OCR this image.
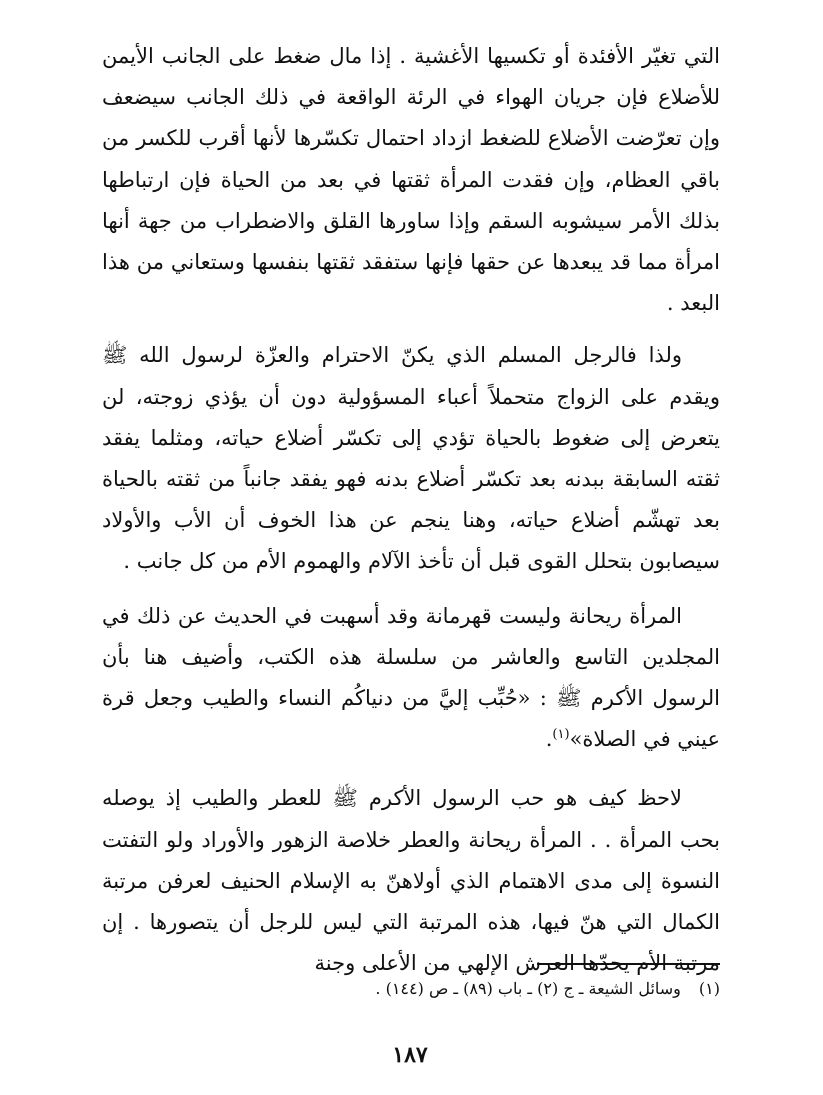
التي تغيّر الأفئدة أو تكسيها الأغشية . إذا مال ضغط على الجانب الأيمن للأضلاع فإن جريان الهواء في الرئة الواقعة في ذلك الجانب سيضعف وإن تعرّضت الأضلاع للضغط ازداد احتمال تكسّرها لأنها أقرب للكسر من باقي العظام، وإن فقدت المرأة ثقتها في بعد من الحياة فإن ارتباطها بذلك الأمر سيشوبه السقم وإذا ساورها القلق والاضطراب من جهة أنها امرأة مما قد يبعدها عن حقها فإنها ستفقد ثقتها بنفسها وستعاني من هذا البعد .

ولذا فالرجل المسلم الذي يكنّ الاحترام والعزّة لرسول الله ﷺ ويقدم على الزواج متحملاً أعباء المسؤولية دون أن يؤذي زوجته، لن يتعرض إلى ضغوط بالحياة تؤدي إلى تكسّر أضلاع حياته، ومثلما يفقد ثقته السابقة ببدنه بعد تكسّر أضلاع بدنه فهو يفقد جانباً من ثقته بالحياة بعد تهشّم أضلاع حياته، وهنا ينجم عن هذا الخوف أن الأب والأولاد سيصابون بتحلل القوى قبل أن تأخذ الآلام والهموم الأم من كل جانب .

المرأة ريحانة وليست قهرمانة وقد أسهبت في الحديث عن ذلك في المجلدين التاسع والعاشر من سلسلة هذه الكتب، وأضيف هنا بأن الرسول الأكرم ﷺ : «حُبِّب إليَّ من دنياكُم النساء والطيب وجعل قرة عيني في الصلاة»$^{(١)}$.

لاحظ كيف هو حب الرسول الأكرم ﷺ للعطر والطيب إذ يوصله بحب المرأة . . المرأة ريحانة والعطر خلاصة الزهور والأوراد ولو التفتت النسوة إلى مدى الاهتمام الذي أولاهنّ به الإسلام الحنيف لعرفن مرتبة الكمال التي هنّ فيها، هذه المرتبة التي ليس للرجل أن يتصورها . إن مرتبة الأم يحدّها العرش الإلهي من الأعلى وجنة

(١)وسائل الشيعة ـ ج (٢) ـ باب (٨٩) ـ ص (١٤٤) .
١٨٧
